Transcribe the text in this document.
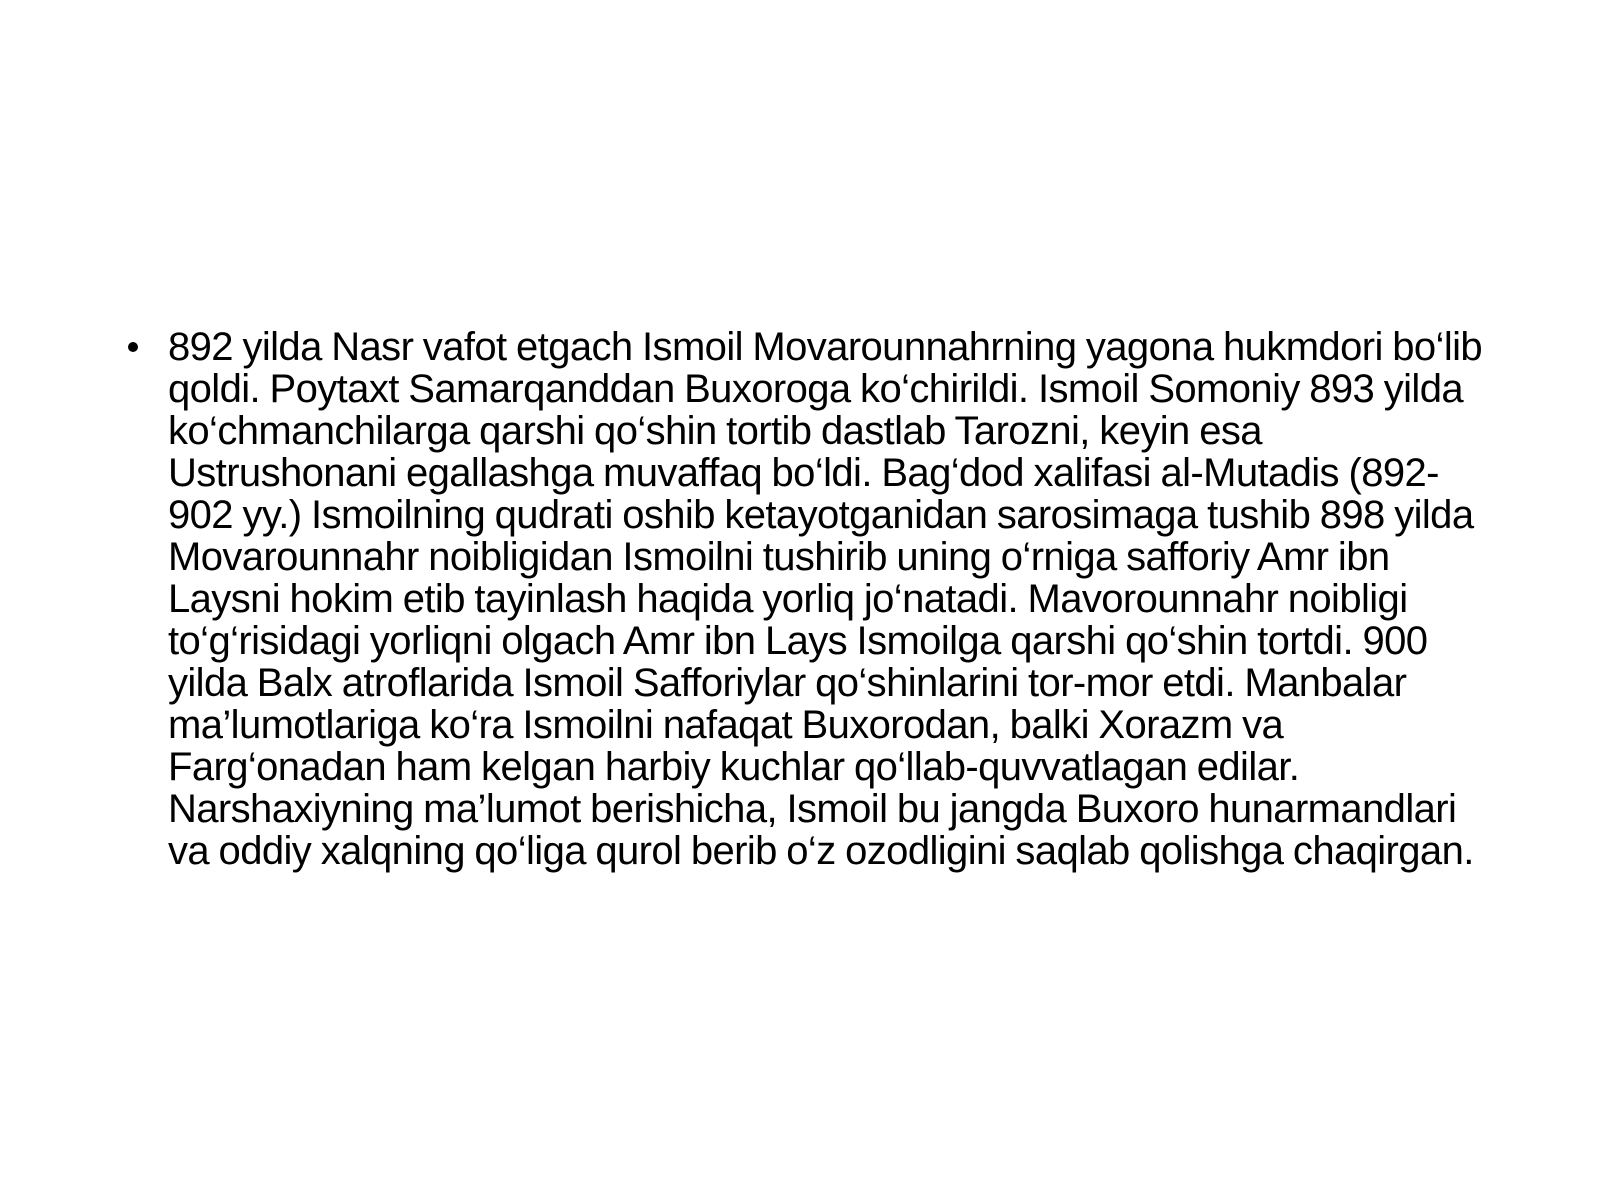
892 yilda Nasr vafot etgach Ismoil Movarounnahrning yagona hukmdori bo‘lib qoldi. Poytaxt Samarqanddan Buxoroga ko‘chirildi. Ismoil Somoniy 893 yilda ko‘chmanchilarga qarshi qo‘shin tortib dastlab Tarozni, keyin esa Ustrushonani egallashga muvaffaq bo‘ldi. Bag‘dod xalifasi al-Mutadis (892-902 yy.) Ismoilning qudrati oshib ketayotganidan sarosimaga tushib 898 yilda Movarounnahr noibligidan Ismoilni tushirib uning o‘rniga safforiy Amr ibn Laysni hokim etib tayinlash haqida yorliq jo‘natadi. Mavorounnahr noibligi to‘g‘risidagi yorliqni olgach Amr ibn Lays Ismoilga qarshi qo‘shin tortdi. 900 yilda Balx atroflarida Ismoil Safforiylar qo‘shinlarini tor-mor etdi. Manbalar ma’lumotlariga ko‘ra Ismoilni nafaqat Buxorodan, balki Xorazm va Farg‘onadan ham kelgan harbiy kuchlar qo‘llab-quvvatlagan edilar. Narshaxiyning ma’lumot berishicha, Ismoil bu jangda Buxoro hunarmandlari va oddiy xalqning qo‘liga qurol berib o‘z ozodligini saqlab qolishga chaqirgan.
